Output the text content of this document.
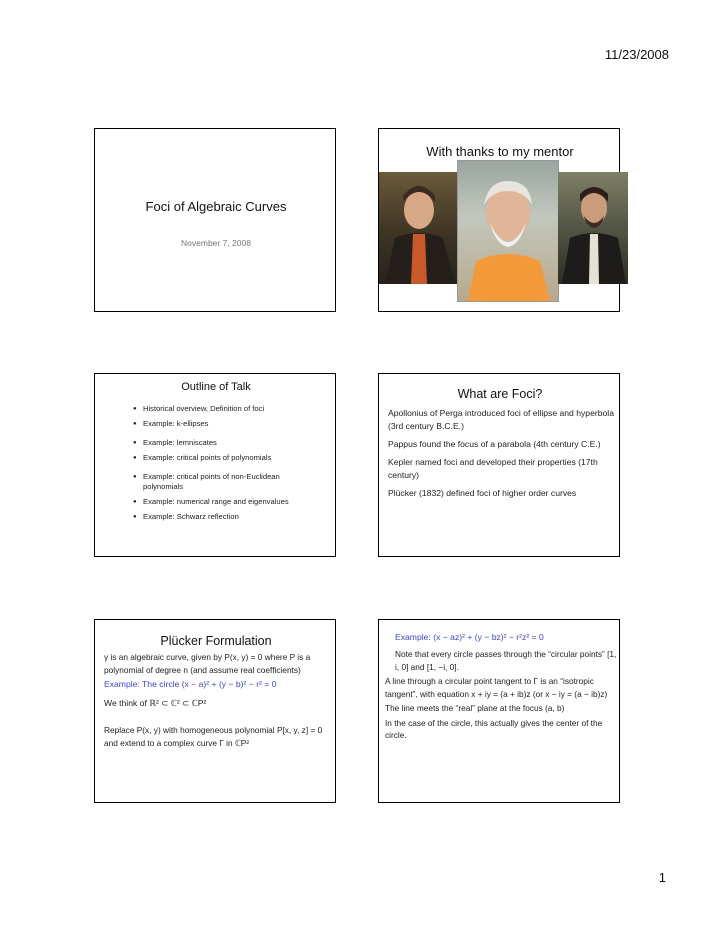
11/23/2008
Foci of Algebraic Curves
November 7, 2008
With thanks to my mentor
Outline of Talk
● Historical overview, Definition of foci
● Example: k-ellipses
● Example: lemniscates
● Example: critical points of polynomials
● Example: critical points of non-Euclidean polynomials
● Example: numerical range and eigenvalues
● Example: Schwarz reflection
What are Foci?

Apollonius of Perga introduced foci of ellipse and hyperbola (3rd century B.C.E.)

Pappus found the focus of a parabola (4th century C.E.)

Kepler named foci and developed their properties (17th century)

Plücker (1832) defined foci of higher order curves

Plücker Formulation

γ is an algebraic curve, given by P(x, y) = 0 where P is a polynomial of degree n (and assume real coefficients)

Example: The circle (x − a)² + (y − b)² − r² = 0

We think of ℝ² ⊂ ℂ² ⊂ ℂP²

Replace P(x, y) with homogeneous polynomial P[x, y, z] = 0 and extend to a complex curve Γ in ℂP²

Example: (x − az)² + (y − bz)² − r²z² = 0

Note that every circle passes through the “circular points” [1, i, 0] and [1, −i, 0].

A line through a circular point tangent to Γ is an “isotropic tangent”, with equation x + iy = (a + ib)z (or x − iy = (a − ib)z)

The line meets the “real” plane at the focus (a, b)

In the case of the circle, this actually gives the center of the circle.

1
